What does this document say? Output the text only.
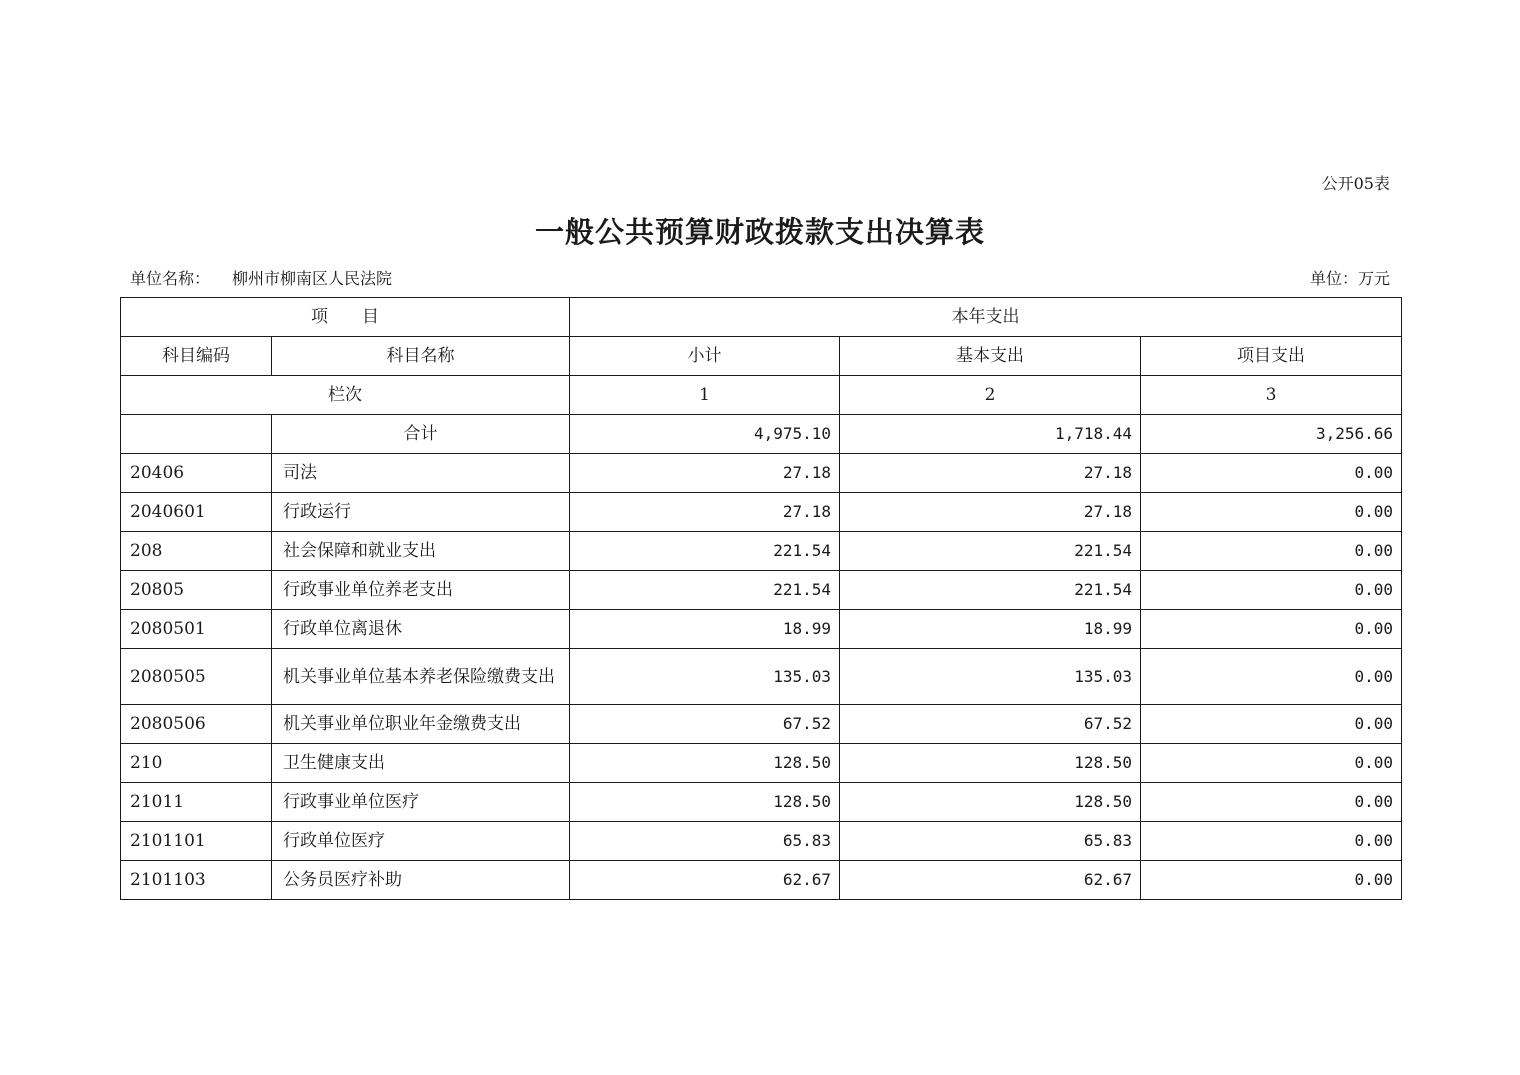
公开05表
一般公共预算财政拨款支出决算表
单位名称： 柳州市柳南区人民法院	单位：万元
项　　目		本年支出		
科目编码	科目名称	小计	基本支出	项目支出
栏次		1	2	3
	合计	4,975.10	1,718.44	3,256.66
20406	司法	27.18	27.18	0.00
2040601	行政运行	27.18	27.18	0.00
208	社会保障和就业支出	221.54	221.54	0.00
20805	行政事业单位养老支出	221.54	221.54	0.00
2080501	行政单位离退休	18.99	18.99	0.00
2080505	机关事业单位基本养老保险缴费支出	135.03	135.03	0.00
2080506	机关事业单位职业年金缴费支出	67.52	67.52	0.00
210	卫生健康支出	128.50	128.50	0.00
21011	行政事业单位医疗	128.50	128.50	0.00
2101101	行政单位医疗	65.83	65.83	0.00
2101103	公务员医疗补助	62.67	62.67	0.00
